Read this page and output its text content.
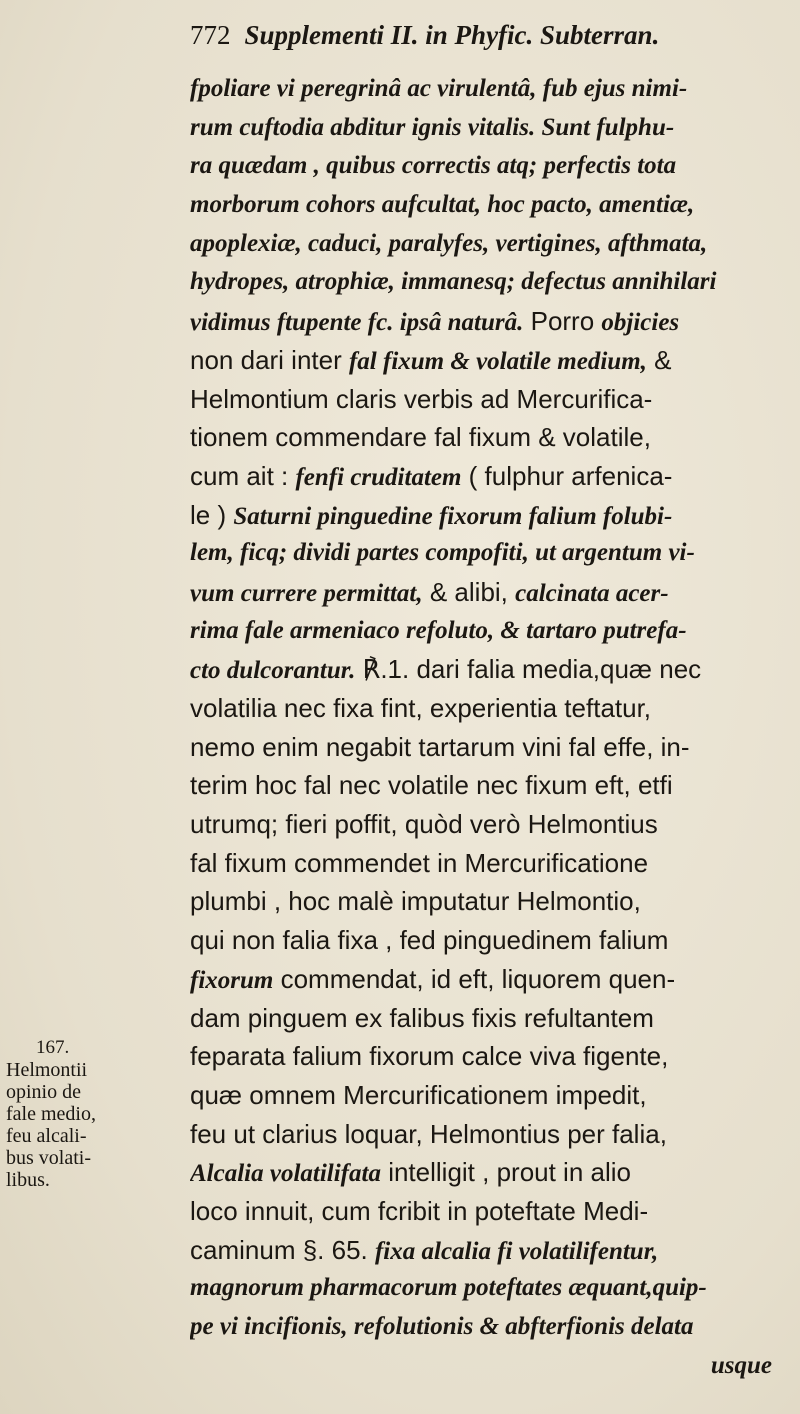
772 Supplementi II. in Phyfic. Subterran.
fpoliare vi peregrinâ ac virulentâ, fub ejus nimi-
rum cuftodia abditur ignis vitalis. Sunt fulphu-
ra quædam , quibus correctis atq; perfectis tota
morborum cohors aufcultat, hoc pacto, amentiæ,
apoplexiæ, caduci, paralyfes, vertigines, afthmata,
hydropes, atrophiæ, immanesq; defectus annihilari
vidimus ftupente fc. ipsâ naturâ. Porro objicies
non dari inter fal fixum & volatile medium, &
Helmontium claris verbis ad Mercurifica-
tionem commendare fal fixum & volatile,
cum ait : fenfi cruditatem ( fulphur arfenica-
le ) Saturni pinguedine fixorum falium folubi-
lem, ficq; dividi partes compofiti, ut argentum vi-
vum currere permittat, & alibi, calcinata acer-
rima fale armeniaco refoluto, & tartaro putrefa-
cto dulcorantur. ℟.1. dari falia media,quæ nec
volatilia nec fixa fint, experientia teftatur,
nemo enim negabit tartarum vini fal effe, in-
terim hoc fal nec volatile nec fixum eft, etfi
utrumq; fieri poffit, quòd verò Helmontius
fal fixum commendet in Mercurificatione
plumbi , hoc malè imputatur Helmontio,
qui non falia fixa , fed pinguedinem falium
fixorum commendat, id eft, liquorem quen-
dam pinguem ex falibus fixis refultantem
feparata falium fixorum calce viva figente,
quæ omnem Mercurificationem impedit,
feu ut clarius loquar, Helmontius per falia,
Alcalia volatilifata intelligit , prout in alio
loco innuit, cum fcribit in poteftate Medi-
caminum §. 65. fixa alcalia fi volatilifentur,
magnorum pharmacorum poteftates æquant,quip-
pe vi incifionis, refolutionis & abfterfionis delata
usque
167.
Helmontii
opinio de
fale medio,
feu alcali-
bus volati-
libus.
